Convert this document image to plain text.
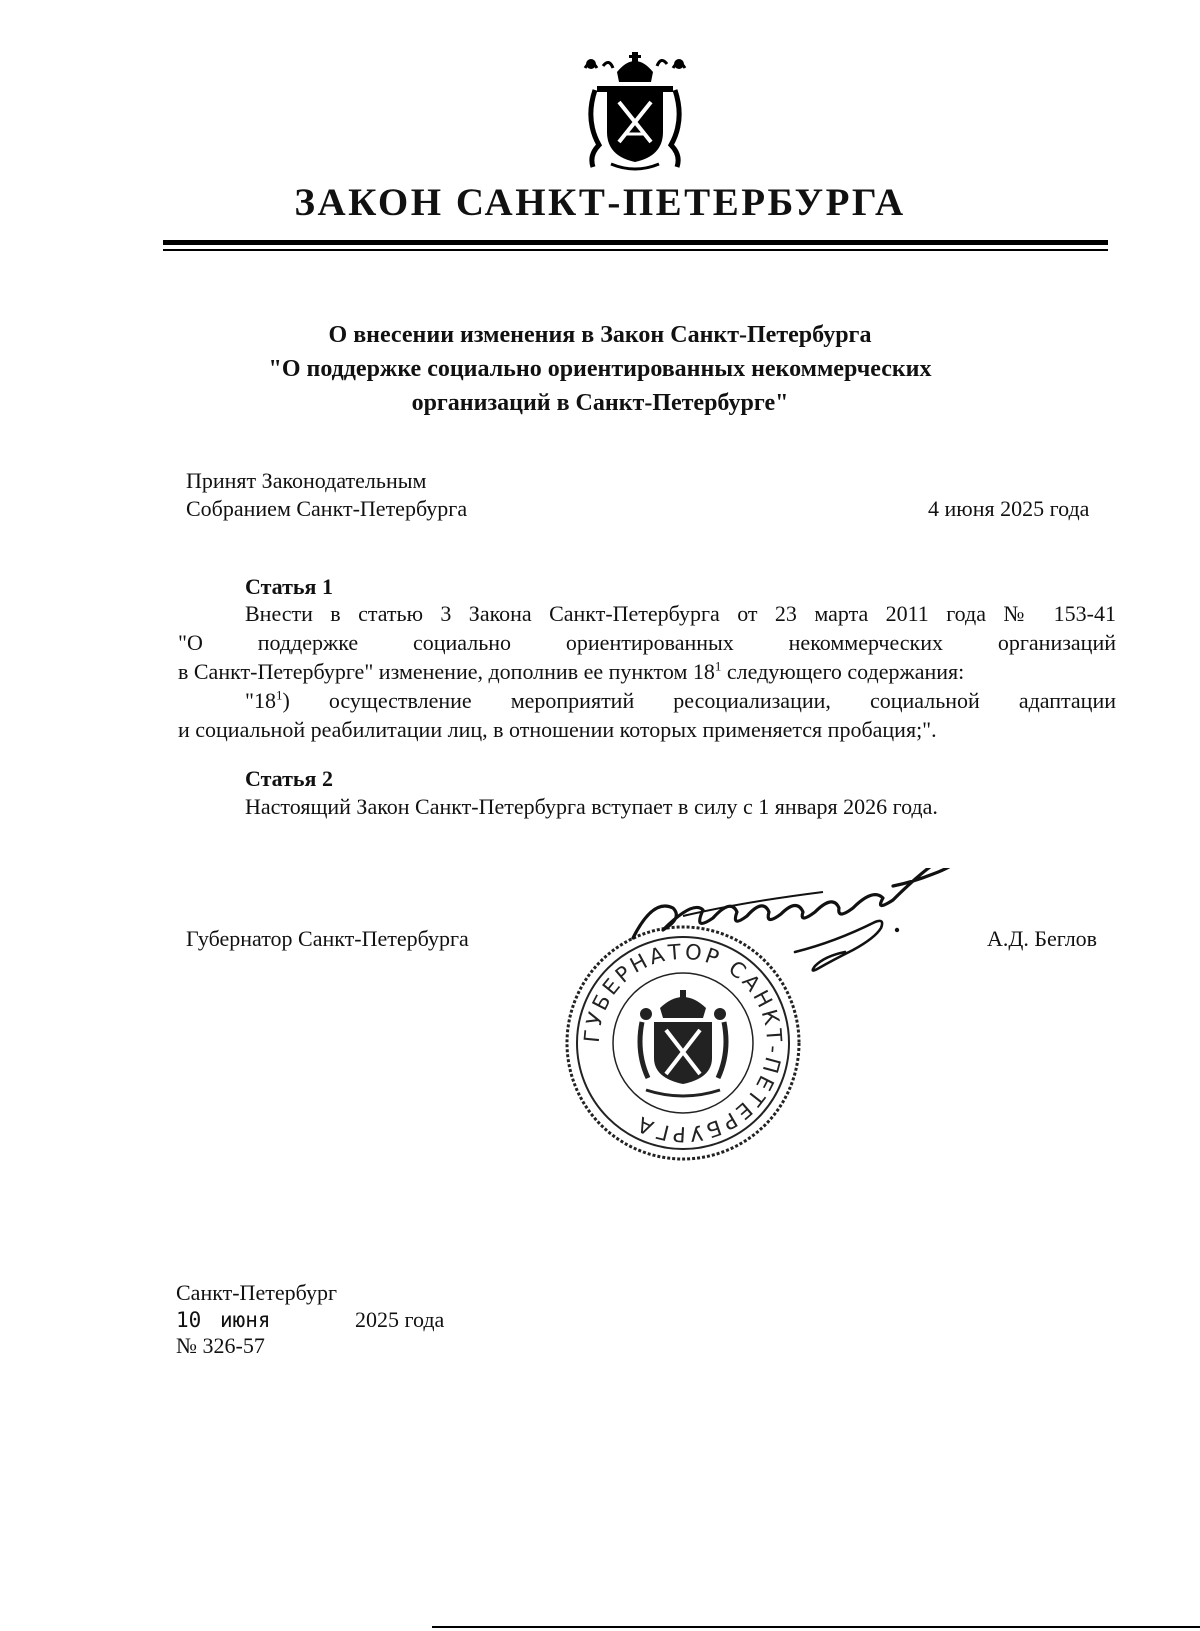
ЗАКОН САНКТ-ПЕТЕРБУРГА
О внесении изменения в Закон Санкт-Петербурга
"О поддержке социально ориентированных некоммерческих
организаций в Санкт-Петербурге"
Принят Законодательным
Собранием Санкт-Петербурга	4 июня 2025 года
Статья 1
Внести в статью 3 Закона Санкт-Петербурга от 23 марта 2011 года № 153-41
"О поддержке социально ориентированных некоммерческих организаций
в Санкт-Петербурге" изменение, дополнив ее пунктом $18^1$ следующего содержания:
"$18^1$) осуществление мероприятий ресоциализации, социальной адаптации
и социальной реабилитации лиц, в отношении которых применяется пробация;".
Статья 2
Настоящий Закон Санкт-Петербурга вступает в силу с 1 января 2026 года.
ГУБЕРНАТОР САНКТ-ПЕТЕРБУРГА
Губернатор Санкт-Петербурга	А.Д. Беглов
Санкт-Петербург
10 июня	2025 года
№ 326-57
